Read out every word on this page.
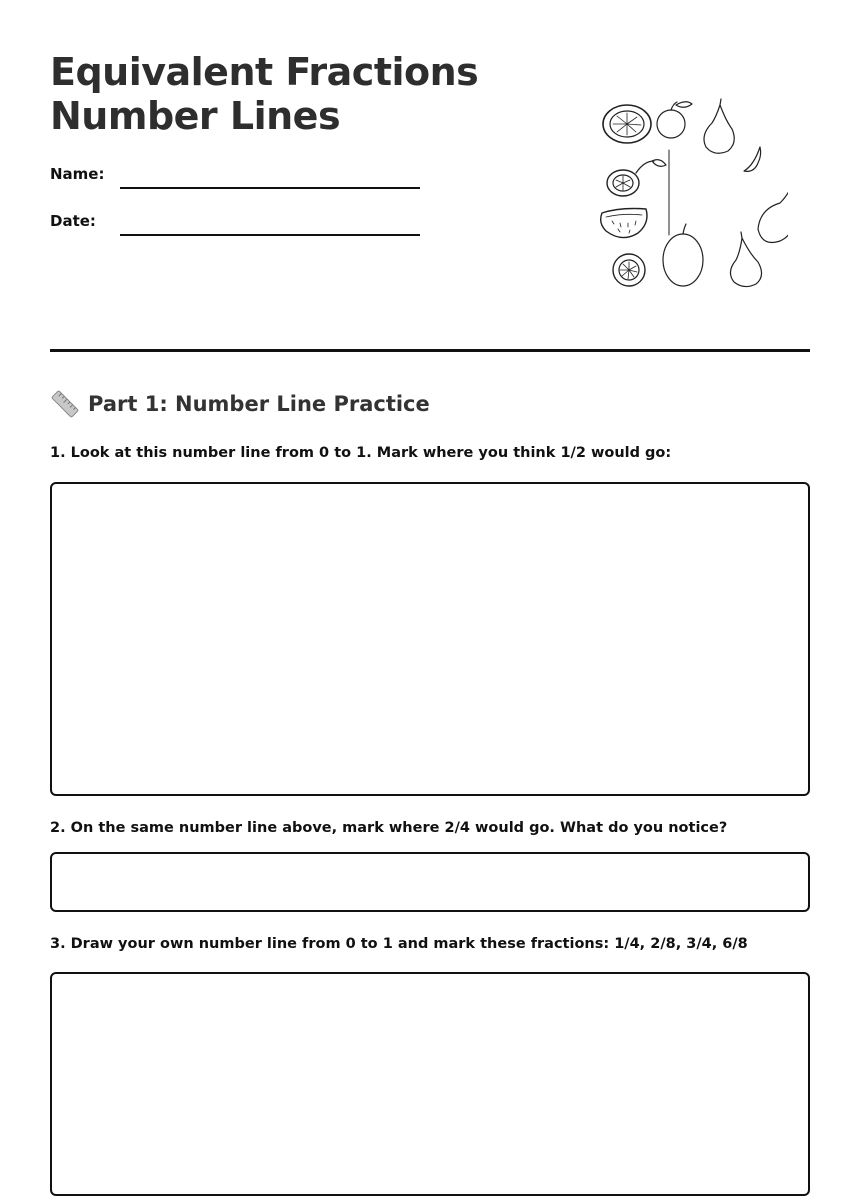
Equivalent Fractions
Number Lines
Name:
Date:
Part 1: Number Line Practice
1. Look at this number line from 0 to 1. Mark where you think 1/2 would go:
2. On the same number line above, mark where 2/4 would go. What do you notice?
3. Draw your own number line from 0 to 1 and mark these fractions: 1/4, 2/8, 3/4, 6/8
